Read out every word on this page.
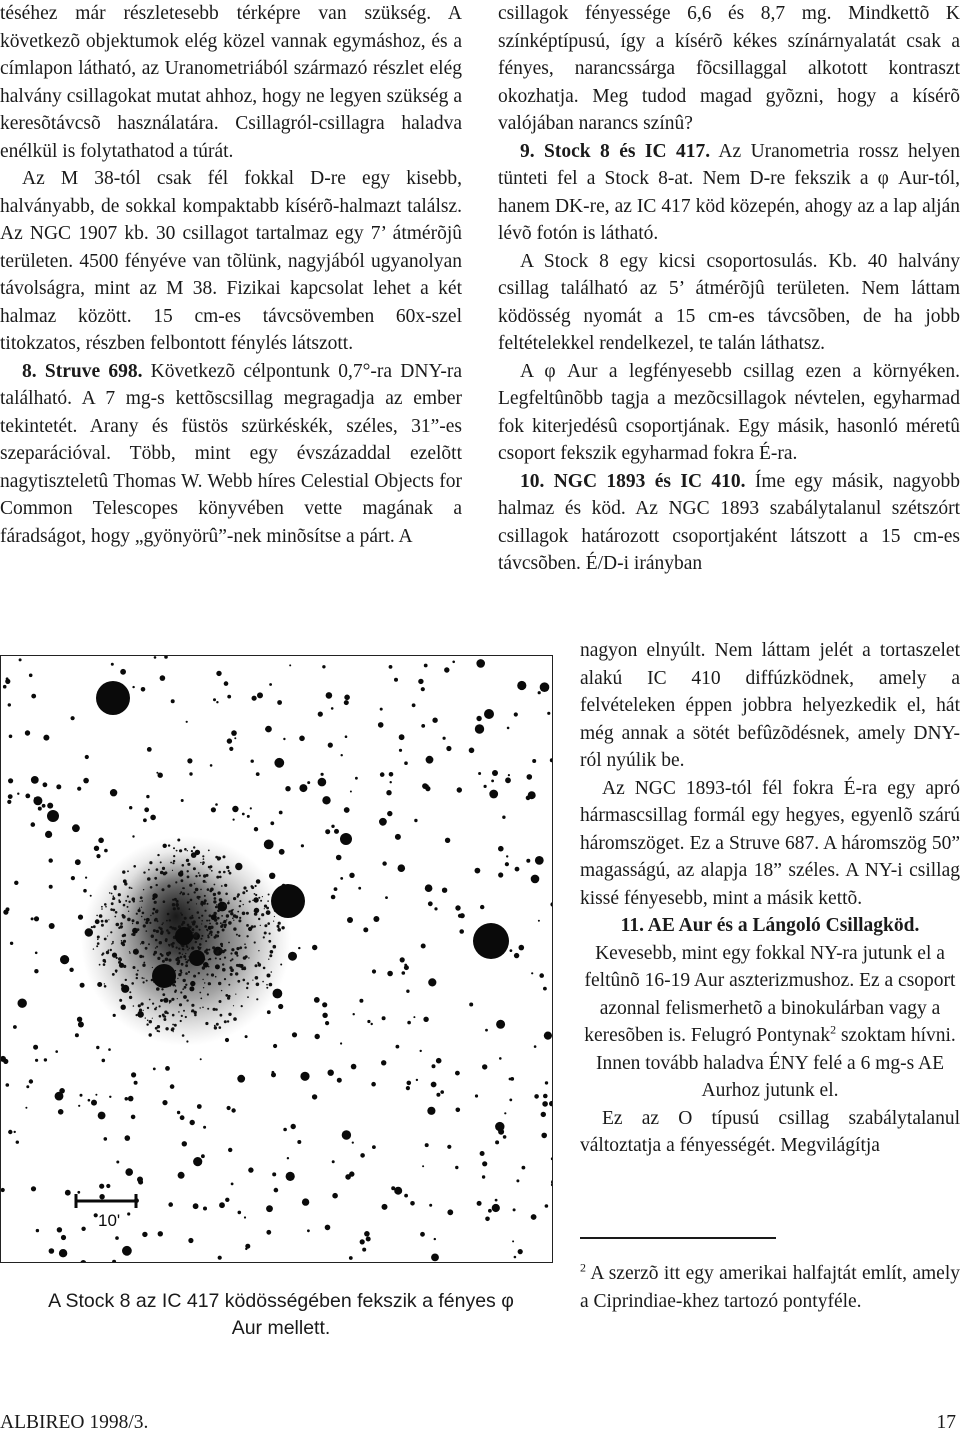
téséhez már részletesebb térképre van szükség. A következõ objektumok elég közel vannak egymáshoz, és a címlapon látható, az Uranometriából származó részlet elég halvány csillagokat mutat ahhoz, hogy ne legyen szükség a keresõtávcsõ használatára. Csillagról-csillagra haladva enélkül is folytathatod a túrát.

Az M 38-tól csak fél fokkal D-re egy kisebb, halványabb, de sokkal kompaktabb kísérõ-halmazt találsz. Az NGC 1907 kb. 30 csillagot tartalmaz egy 7’ átmérõjû területen. 4500 fényéve van tõlünk, nagyjából ugyanolyan távolságra, mint az M 38. Fizikai kapcsolat lehet a két halmaz között. 15 cm-es távcsövemben 60x-szel titokzatos, részben felbontott fénylés látszott.

8. Struve 698. Következõ célpontunk 0,7°-ra DNY-ra található. A 7 mg-s kettõscsillag megragadja az ember tekintetét. Arany és füstös szürkéskék, széles, 31”-es szeparációval. Több, mint egy évszázaddal ezelõtt nagytiszteletû Thomas W. Webb híres Celestial Objects for Common Telescopes könyvében vette magának a fáradságot, hogy „gyönyörû”-nek minõsítse a párt. A

csillagok fényessége 6,6 és 8,7 mg. Mindkettõ K színképtípusú, így a kísérõ kékes színárnyalatát csak a fényes, narancssárga fõcsillaggal alkotott kontraszt okozhatja. Meg tudod magad gyõzni, hogy a kísérõ valójában narancs színû?

9. Stock 8 és IC 417. Az Uranometria rossz helyen tünteti fel a Stock 8-at. Nem D-re fekszik a φ Aur-tól, hanem DK-re, az IC 417 köd közepén, ahogy az a lap alján lévõ fotón is látható.

A Stock 8 egy kicsi csoportosulás. Kb. 40 halvány csillag található az 5’ átmérõjû területen. Nem láttam ködösség nyomát a 15 cm-es távcsõben, de ha jobb feltételekkel rendelkezel, te talán láthatsz.

A φ Aur a legfényesebb csillag ezen a környéken. Legfeltûnõbb tagja a mezõcsillagok névtelen, egyharmad fok kiterjedésû csoportjának. Egy másik, hasonló méretû csoport fekszik egyharmad fokra É-ra.

10. NGC 1893 és IC 410. Íme egy másik, nagyobb halmaz és köd. Az NGC 1893 szabálytalanul szétszórt csillagok határozott csoportjaként látszott a 15 cm-es távcsõben. É/D-i irányban

nagyon elnyúlt. Nem láttam jelét a tortaszelet alakú IC 410 diffúzködnek, amely a felvételeken éppen jobbra helyezkedik el, hát még annak a sötét befûzõdésnek, amely DNY-ról nyúlik be.

Az NGC 1893-tól fél fokra É-ra egy apró hármascsillag formál egy hegyes, egyenlõ szárú háromszöget. Ez a Struve 687. A háromszög 50” magasságú, az alapja 18” széles. A NY-i csillag kissé fényesebb, mint a másik kettõ.

11. AE Aur és a Lángoló Csillagköd. Kevesebb, mint egy fokkal NY-ra jutunk el a feltûnõ 16-19 Aur aszterizmushoz. Ez a csoport azonnal felismerhetõ a binokulárban vagy a keresõben is. Felugró Pontynak$^2$ szoktam hívni. Innen tovább haladva ÉNY felé a 6 mg-s AE Aurhoz jutunk el.

Ez az O típusú csillag szabálytalanul változtatja a fényességét. Megvilágítja

10'
A Stock 8 az IC 417 ködösségében fekszik a fényes φ
Aur mellett.
$^2$ A szerzõ itt egy amerikai halfajtát említ, amely a Ciprindiae-khez tartozó pontyféle.
ALBIREO 1998/3.	17
